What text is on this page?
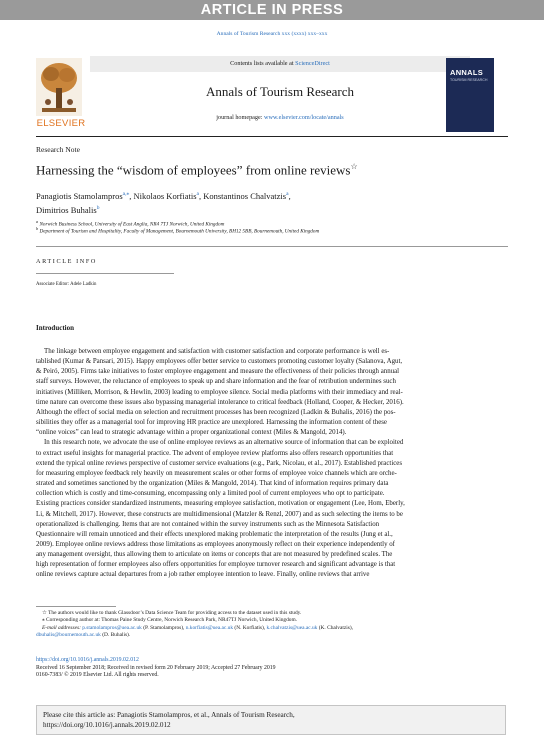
ARTICLE IN PRESS
Annals of Tourism Research xxx (xxxx) xxx–xxx
ELSEVIER
Contents lists available at ScienceDirect
Annals of Tourism Research
journal homepage: www.elsevier.com/locate/annals
ANNALS
TOURISM RESEARCH
Research Note
Harnessing the “wisdom of employees” from online reviews☆
Panagiotis Stamolampros$^{a,⁎}$, Nikolaos Korfiatis$^a$, Konstantinos Chalvatzis$^a$,
Dimitrios Buhalis$^b$
$^a$ Norwich Business School, University of East Anglia, NR4 7TJ Norwich, United Kingdom
$^b$ Department of Tourism and Hospitality, Faculty of Management, Bournemouth University, BH12 5BB, Bournemouth, United Kingdom
ARTICLE INFO
Associate Editor: Adele Ladkin
Introduction
The linkage between employee engagement and satisfaction with customer satisfaction and corporate performance is well es-
tablished (Kumar & Pansari, 2015). Happy employees offer better service to customers promoting customer loyalty (Salanova, Agut,
& Peiró, 2005). Firms take initiatives to foster employee engagement and measure the effectiveness of their policies through annual
staff surveys. However, the reluctance of employees to speak up and share information and the fear of retribution undermines such
initiatives (Milliken, Morrison, & Hewlin, 2003) leading to employee silence. Social media platforms with their immediacy and real-
time nature can overcome these issues also bypassing managerial intolerance to critical feedback (Holland, Cooper, & Hecker, 2016).
Although the effect of social media on selection and recruitment processes has been recognized (Ladkin & Buhalis, 2016) the pos-
sibilities they offer as a managerial tool for improving HR practice are unexplored. Harnessing the information content of these
“online voices” can lead to strategic advantage within a proper organizational context (Miles & Mangold, 2014).
In this research note, we advocate the use of online employee reviews as an alternative source of information that can be exploited
to extract useful insights for managerial practice. The advent of employee review platforms also offers research opportunities that
extend the typical online reviews perspective of customer service evaluations (e.g., Park, Nicolau, et al., 2017). Established practices
for measuring employee feedback rely heavily on measurement scales or other forms of employee voice channels which are orche-
strated and sometimes sanctioned by the organization (Miles & Mangold, 2014). That kind of information requires primary data
collection which is costly and time-consuming, encompassing only a limited pool of current employees who opt to participate.
Existing practices consider standardized instruments, measuring employee satisfaction, motivation or engagement (Lee, Hom, Eberly,
Li, & Mitchell, 2017). However, these constructs are multidimensional (Matzler & Renzl, 2007) and as such selecting the items to be
operationalized is challenging. Items that are not contained within the survey instruments such as the Minnesota Satisfaction
Questionnaire will remain unnoticed and their effects unexplored making problematic the interpretation of the results (Jung et al.,
2009). Employee online reviews address those limitations as employees anonymously reflect on their experience independently of
any management oversight, thus allowing them to articulate on items or concepts that are not measured by predefined scales. The
high representation of former employees also offers opportunities for employee turnover research and significant advantage is that
online reviews capture actual departures from a job rather employee intention to leave. Finally, online reviews that arrive
☆ The authors would like to thank Glassdoor’s Data Science Team for providing access to the dataset used in this study.
⁎ Corresponding author at: Thomas Paine Study Centre, Norwich Research Park, NR47TJ Norwich, United Kingdom.
E-mail addresses: p.stamolampros@uea.ac.uk (P. Stamolampros), n.korfiatis@uea.ac.uk (N. Korfiatis), k.chalvatzis@uea.ac.uk (K. Chalvatzis),
dbuhalis@bournemouth.ac.uk (D. Buhalis).
https://doi.org/10.1016/j.annals.2019.02.012
Received 16 September 2018; Received in revised form 20 February 2019; Accepted 27 February 2019
0160-7383/ © 2019 Elsevier Ltd. All rights reserved.
Please cite this article as: Panagiotis Stamolampros, et al., Annals of Tourism Research,
https://doi.org/10.1016/j.annals.2019.02.012
